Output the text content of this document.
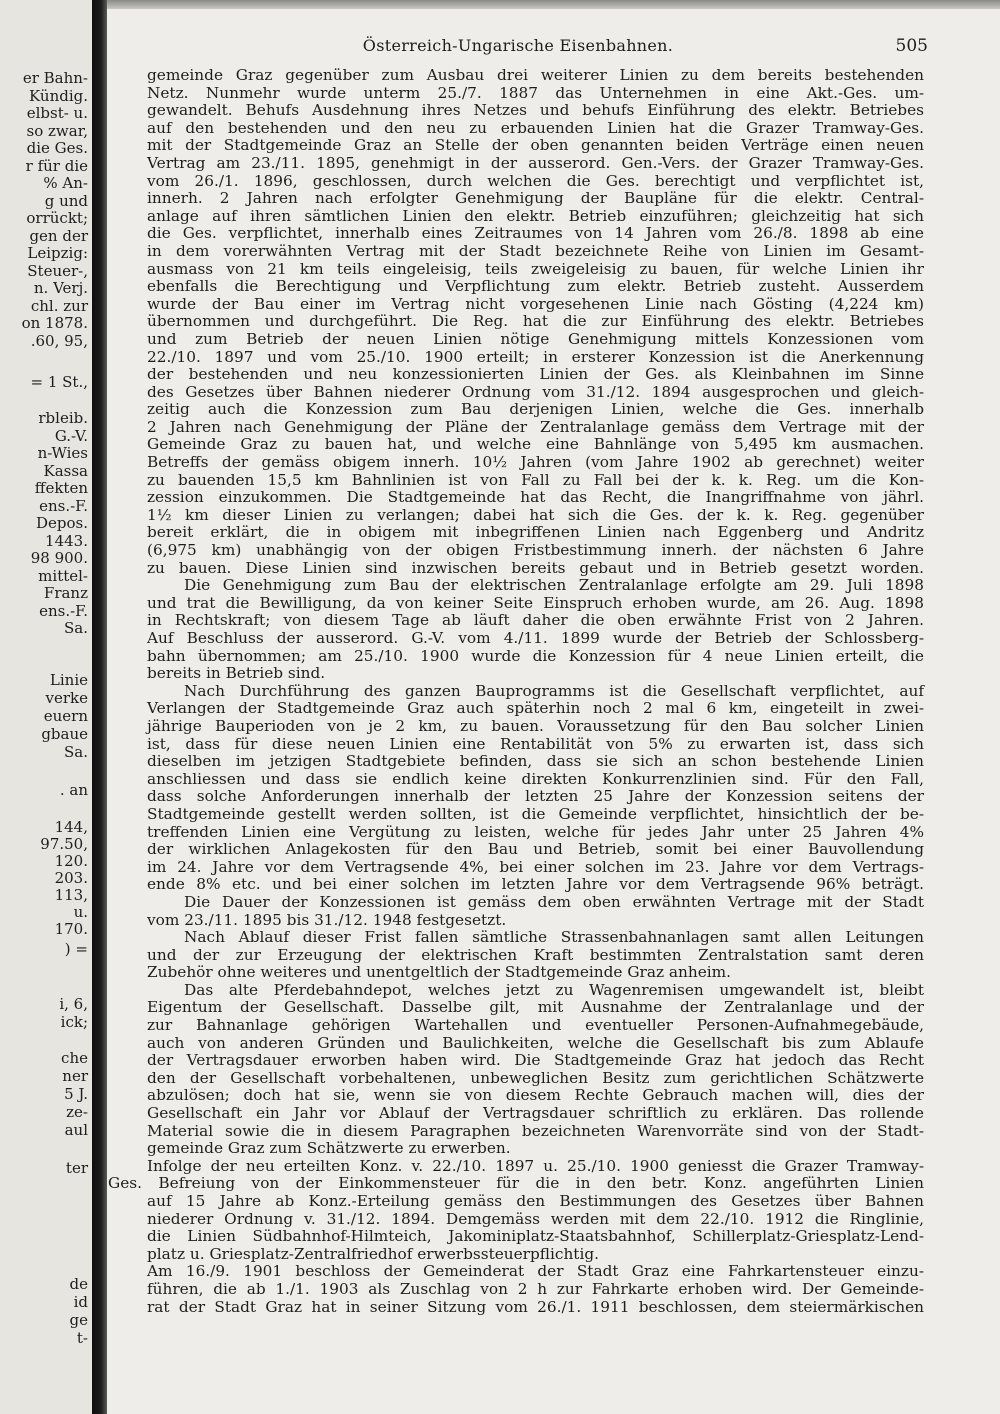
er Bahn-
Kündig.
elbst- u.
so zwar,
die Ges.
r für die
% An-
g und
orrückt;
gen der
Leipzig:
Steuer-,
n. Verj.
chl. zur
on 1878.
.60, 95,
= 1 St.,
rbleib.
G.-V.
n-Wies
Kassa
ffekten
ens.-F.
Depos.
1443.
98 900.
mittel-
Franz
ens.-F.
Sa.
Linie
verke
euern
gbaue
Sa.
. an
144,
97.50,
120.
203.
113,
u.
170.
) =
i, 6,
ick;
che
ner
5 J.
ze-
aul
ter
de
id
ge
t-
Österreich-Ungarische Eisenbahnen.	505
gemeinde Graz gegenüber zum Ausbau drei weiterer Linien zu dem bereits bestehenden
Netz. Nunmehr wurde unterm 25./7. 1887 das Unternehmen in eine Akt.-Ges. um-
gewandelt. Behufs Ausdehnung ihres Netzes und behufs Einführung des elektr. Betriebes
auf den bestehenden und den neu zu erbauenden Linien hat die Grazer Tramway-Ges.
mit der Stadtgemeinde Graz an Stelle der oben genannten beiden Verträge einen neuen
Vertrag am 23./11. 1895, genehmigt in der ausserord. Gen.-Vers. der Grazer Tramway-Ges.
vom 26./1. 1896, geschlossen, durch welchen die Ges. berechtigt und verpflichtet ist,
innerh. 2 Jahren nach erfolgter Genehmigung der Baupläne für die elektr. Central-
anlage auf ihren sämtlichen Linien den elektr. Betrieb einzuführen; gleichzeitig hat sich
die Ges. verpflichtet, innerhalb eines Zeitraumes von 14 Jahren vom 26./8. 1898 ab eine
in dem vorerwähnten Vertrag mit der Stadt bezeichnete Reihe von Linien im Gesamt-
ausmass von 21 km teils eingeleisig, teils zweigeleisig zu bauen, für welche Linien ihr
ebenfalls die Berechtigung und Verpflichtung zum elektr. Betrieb zusteht. Ausserdem
wurde der Bau einer im Vertrag nicht vorgesehenen Linie nach Gösting (4,224 km)
übernommen und durchgeführt. Die Reg. hat die zur Einführung des elektr. Betriebes
und zum Betrieb der neuen Linien nötige Genehmigung mittels Konzessionen vom
22./10. 1897 und vom 25./10. 1900 erteilt; in ersterer Konzession ist die Anerkennung
der bestehenden und neu konzessionierten Linien der Ges. als Kleinbahnen im Sinne
des Gesetzes über Bahnen niederer Ordnung vom 31./12. 1894 ausgesprochen und gleich-
zeitig auch die Konzession zum Bau derjenigen Linien, welche die Ges. innerhalb
2 Jahren nach Genehmigung der Pläne der Zentralanlage gemäss dem Vertrage mit der
Gemeinde Graz zu bauen hat, und welche eine Bahnlänge von 5,495 km ausmachen.
Betreffs der gemäss obigem innerh. 10½ Jahren (vom Jahre 1902 ab gerechnet) weiter
zu bauenden 15,5 km Bahnlinien ist von Fall zu Fall bei der k. k. Reg. um die Kon-
zession einzukommen. Die Stadtgemeinde hat das Recht, die Inangriffnahme von jährl.
1½ km dieser Linien zu verlangen; dabei hat sich die Ges. der k. k. Reg. gegenüber
bereit erklärt, die in obigem mit inbegriffenen Linien nach Eggenberg und Andritz
(6,975 km) unabhängig von der obigen Fristbestimmung innerh. der nächsten 6 Jahre
zu bauen. Diese Linien sind inzwischen bereits gebaut und in Betrieb gesetzt worden.
Die Genehmigung zum Bau der elektrischen Zentralanlage erfolgte am 29. Juli 1898
und trat die Bewilligung, da von keiner Seite Einspruch erhoben wurde, am 26. Aug. 1898
in Rechtskraft; von diesem Tage ab läuft daher die oben erwähnte Frist von 2 Jahren.
Auf Beschluss der ausserord. G.-V. vom 4./11. 1899 wurde der Betrieb der Schlossberg-
bahn übernommen; am 25./10. 1900 wurde die Konzession für 4 neue Linien erteilt, die
bereits in Betrieb sind.
Nach Durchführung des ganzen Bauprogramms ist die Gesellschaft verpflichtet, auf
Verlangen der Stadtgemeinde Graz auch späterhin noch 2 mal 6 km, eingeteilt in zwei-
jährige Bauperioden von je 2 km, zu bauen. Voraussetzung für den Bau solcher Linien
ist, dass für diese neuen Linien eine Rentabilität von 5% zu erwarten ist, dass sich
dieselben im jetzigen Stadtgebiete befinden, dass sie sich an schon bestehende Linien
anschliessen und dass sie endlich keine direkten Konkurrenzlinien sind. Für den Fall,
dass solche Anforderungen innerhalb der letzten 25 Jahre der Konzession seitens der
Stadtgemeinde gestellt werden sollten, ist die Gemeinde verpflichtet, hinsichtlich der be-
treffenden Linien eine Vergütung zu leisten, welche für jedes Jahr unter 25 Jahren 4%
der wirklichen Anlagekosten für den Bau und Betrieb, somit bei einer Bauvollendung
im 24. Jahre vor dem Vertragsende 4%, bei einer solchen im 23. Jahre vor dem Vertrags-
ende 8% etc. und bei einer solchen im letzten Jahre vor dem Vertragsende 96% beträgt.
Die Dauer der Konzessionen ist gemäss dem oben erwähnten Vertrage mit der Stadt
vom 23./11. 1895 bis 31./12. 1948 festgesetzt.
Nach Ablauf dieser Frist fallen sämtliche Strassenbahnanlagen samt allen Leitungen
und der zur Erzeugung der elektrischen Kraft bestimmten Zentralstation samt deren
Zubehör ohne weiteres und unentgeltlich der Stadtgemeinde Graz anheim.
Das alte Pferdebahndepot, welches jetzt zu Wagenremisen umgewandelt ist, bleibt
Eigentum der Gesellschaft. Dasselbe gilt, mit Ausnahme der Zentralanlage und der
zur Bahnanlage gehörigen Wartehallen und eventueller Personen-Aufnahmegebäude,
auch von anderen Gründen und Baulichkeiten, welche die Gesellschaft bis zum Ablaufe
der Vertragsdauer erworben haben wird. Die Stadtgemeinde Graz hat jedoch das Recht
den der Gesellschaft vorbehaltenen, unbeweglichen Besitz zum gerichtlichen Schätzwerte
abzulösen; doch hat sie, wenn sie von diesem Rechte Gebrauch machen will, dies der
Gesellschaft ein Jahr vor Ablauf der Vertragsdauer schriftlich zu erklären. Das rollende
Material sowie die in diesem Paragraphen bezeichneten Warenvorräte sind von der Stadt-
gemeinde Graz zum Schätzwerte zu erwerben.
Infolge der neu erteilten Konz. v. 22./10. 1897 u. 25./10. 1900 geniesst die Grazer Tramway-
Ges. Befreiung von der Einkommensteuer für die in den betr. Konz. angeführten Linien
auf 15 Jahre ab Konz.-Erteilung gemäss den Bestimmungen des Gesetzes über Bahnen
niederer Ordnung v. 31./12. 1894. Demgemäss werden mit dem 22./10. 1912 die Ringlinie,
die Linien Südbahnhof-Hilmteich, Jakominiplatz-Staatsbahnhof, Schillerplatz-Griesplatz-Lend-
platz u. Griesplatz-Zentralfriedhof erwerbssteuerpflichtig.
Am 16./9. 1901 beschloss der Gemeinderat der Stadt Graz eine Fahrkartensteuer einzu-
führen, die ab 1./1. 1903 als Zuschlag von 2 h zur Fahrkarte erhoben wird. Der Gemeinde-
rat der Stadt Graz hat in seiner Sitzung vom 26./1. 1911 beschlossen, dem steiermärkischen
